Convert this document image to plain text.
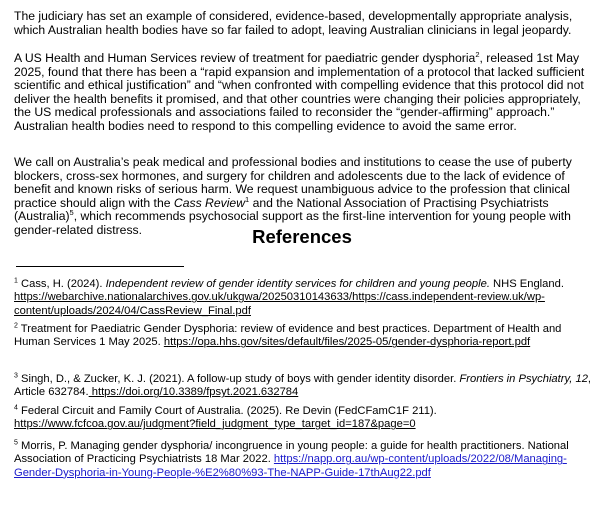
The judiciary has set an example of considered, evidence-based, developmentally appropriate analysis, which Australian health bodies have so far failed to adopt, leaving Australian clinicians in legal jeopardy.

A US Health and Human Services review of treatment for paediatric gender dysphoria$^2$, released 1st May 2025, found that there has been a “rapid expansion and implementation of a protocol that lacked sufficient scientific and ethical justification” and “when confronted with compelling evidence that this protocol did not deliver the health benefits it promised, and that other countries were changing their policies appropriately, the US medical professionals and associations failed to reconsider the “gender-affirming” approach.” Australian health bodies need to respond to this compelling evidence to avoid the same error.

We call on Australia’s peak medical and professional bodies and institutions to cease the use of puberty blockers, cross-sex hormones, and surgery for children and adolescents due to the lack of evidence of benefit and known risks of serious harm. We request unambiguous advice to the profession that clinical practice should align with the Cass Review$^1$ and the National Association of Practising Psychiatrists (Australia)$^5$, which recommends psychosocial support as the first-line intervention for young people with gender-related distress.	References

$^1$ Cass, H. (2024). Independent review of gender identity services for children and young people. NHS England. https://webarchive.nationalarchives.gov.uk/ukgwa/20250310143633/https://cass.independent-review.uk/wp-content/uploads/2024/04/CassReview_Final.pdf

$^2$ Treatment for Paediatric Gender Dysphoria: review of evidence and best practices. Department of Health and Human Services 1 May 2025. https://opa.hhs.gov/sites/default/files/2025-05/gender-dysphoria-report.pdf

$^3$ Singh, D., & Zucker, K. J. (2021). A follow-up study of boys with gender identity disorder. Frontiers in Psychiatry, 12, Article 632784. https://doi.org/10.3389/fpsyt.2021.632784

$^4$ Federal Circuit and Family Court of Australia. (2025). Re Devin (FedCFamC1F 211).
https://www.fcfcoa.gov.au/judgment?field_judgment_type_target_id=187&page=0

$^5$ Morris, P. Managing gender dysphoria/ incongruence in young people: a guide for health practitioners. National Association of Practicing Psychiatrists 18 Mar 2022. https://napp.org.au/wp-content/uploads/2022/08/Managing-Gender-Dysphoria-in-Young-People-%E2%80%93-The-NAPP-Guide-17thAug22.pdf
